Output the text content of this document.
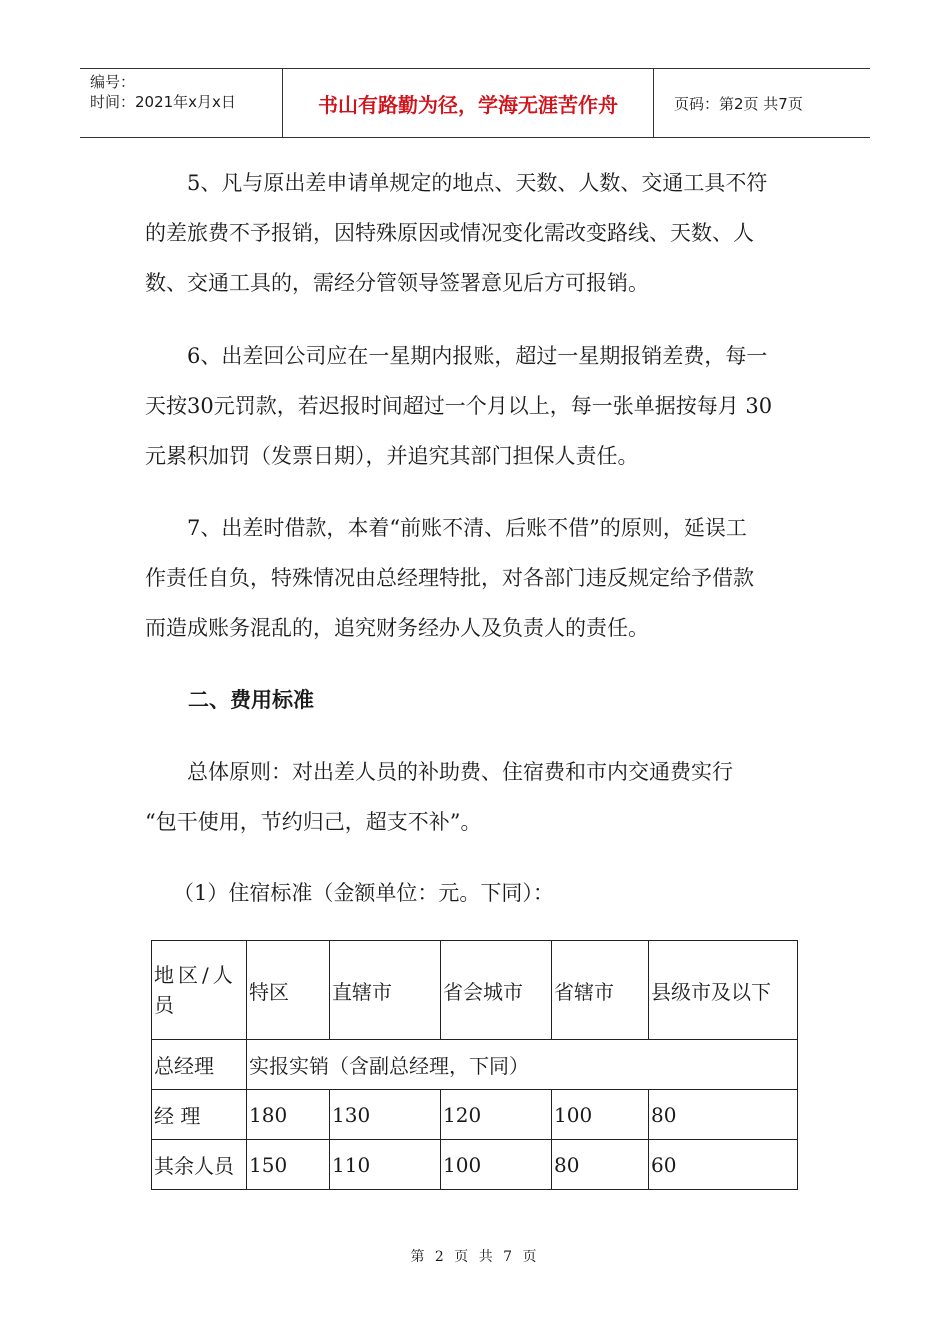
编号：
时间：2021年x月x日	书山有路勤为径，学海无涯苦作舟	页码：第2页 共7页
5、凡与原出差申请单规定的地点、天数、人数、交通工具不符
的差旅费不予报销，因特殊原因或情况变化需改变路线、天数、人
数、交通工具的，需经分管领导签署意见后方可报销。
6、出差回公司应在一星期内报账，超过一星期报销差费，每一
天按30元罚款，若迟报时间超过一个月以上，每一张单据按每月 30
元累积加罚（发票日期），并追究其部门担保人责任。
7、出差时借款，本着“前账不清、后账不借”的原则，延误工
作责任自负，特殊情况由总经理特批，对各部门违反规定给予借款
而造成账务混乱的，追究财务经办人及负责人的责任。
二、费用标准
总体原则：对出差人员的补助费、住宿费和市内交通费实行
“包干使用，节约归己，超支不补”。
（1）住宿标准（金额单位：元。下同）：
地区/人员	特区	直辖市	省会城市	省辖市	县级市及以下
总经理	实报实销（含副总经理，下同）				
经 理	180	130	120	100	80
其余人员	150	110	100	80	60
第 2 页 共 7 页
